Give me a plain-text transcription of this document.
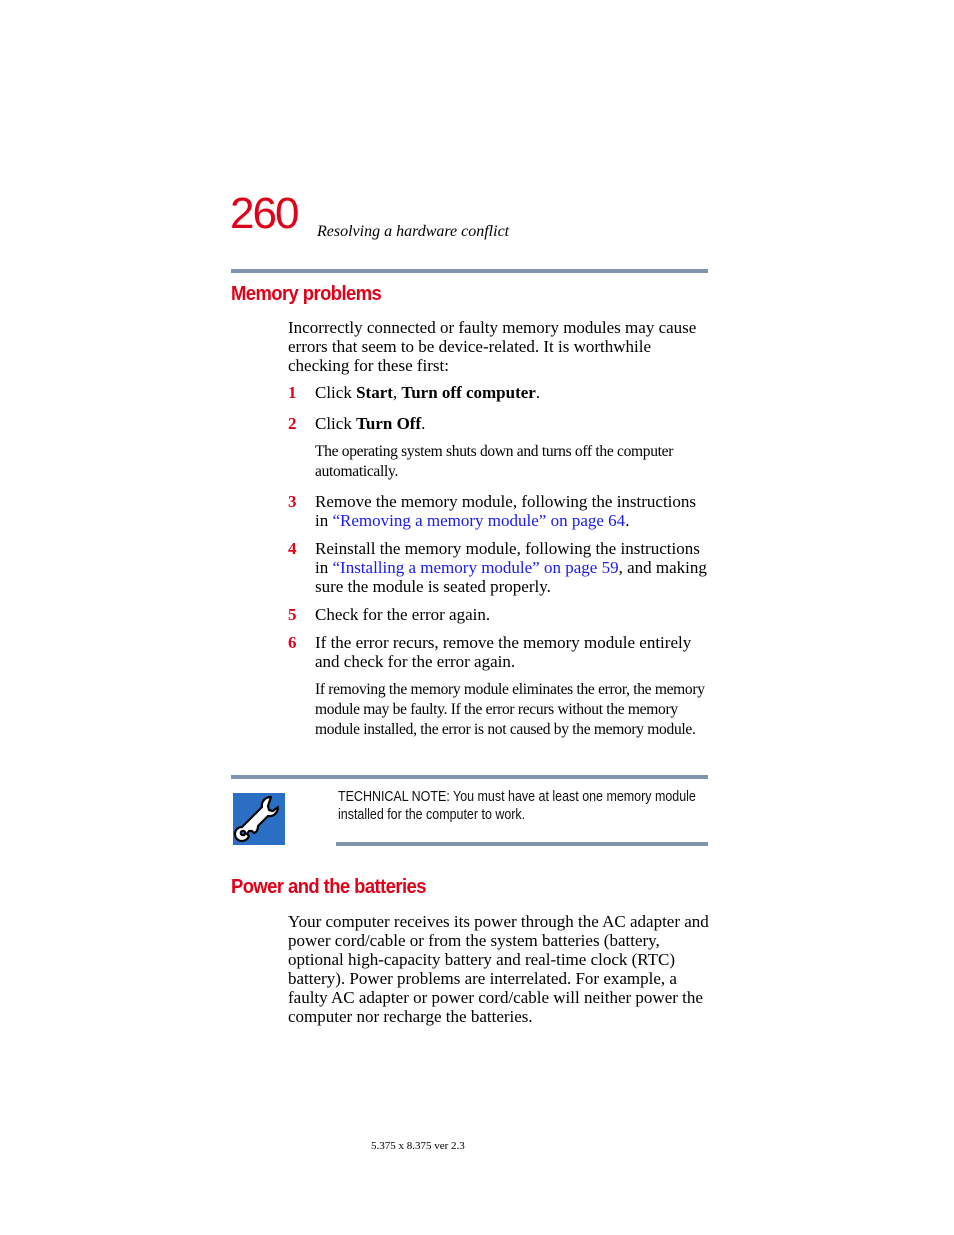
260 Resolving a hardware conflict
Memory problems
Incorrectly connected or faulty memory modules may cause errors that seem to be device-related. It is worthwhile checking for these first:
1 Click Start, Turn off computer.
2 Click Turn Off.
The operating system shuts down and turns off the computer automatically.
3 Remove the memory module, following the instructions in “Removing a memory module” on page 64.
4 Reinstall the memory module, following the instructions in “Installing a memory module” on page 59, and making sure the module is seated properly.
5 Check for the error again.
6 If the error recurs, remove the memory module entirely and check for the error again.
If removing the memory module eliminates the error, the memory module may be faulty. If the error recurs without the memory module installed, the error is not caused by the memory module.
TECHNICAL NOTE: You must have at least one memory module installed for the computer to work.
Power and the batteries
Your computer receives its power through the AC adapter and power cord/cable or from the system batteries (battery, optional high-capacity battery and real-time clock (RTC) battery). Power problems are interrelated. For example, a faulty AC adapter or power cord/cable will neither power the computer nor recharge the batteries.
5.375 x 8.375 ver 2.3
